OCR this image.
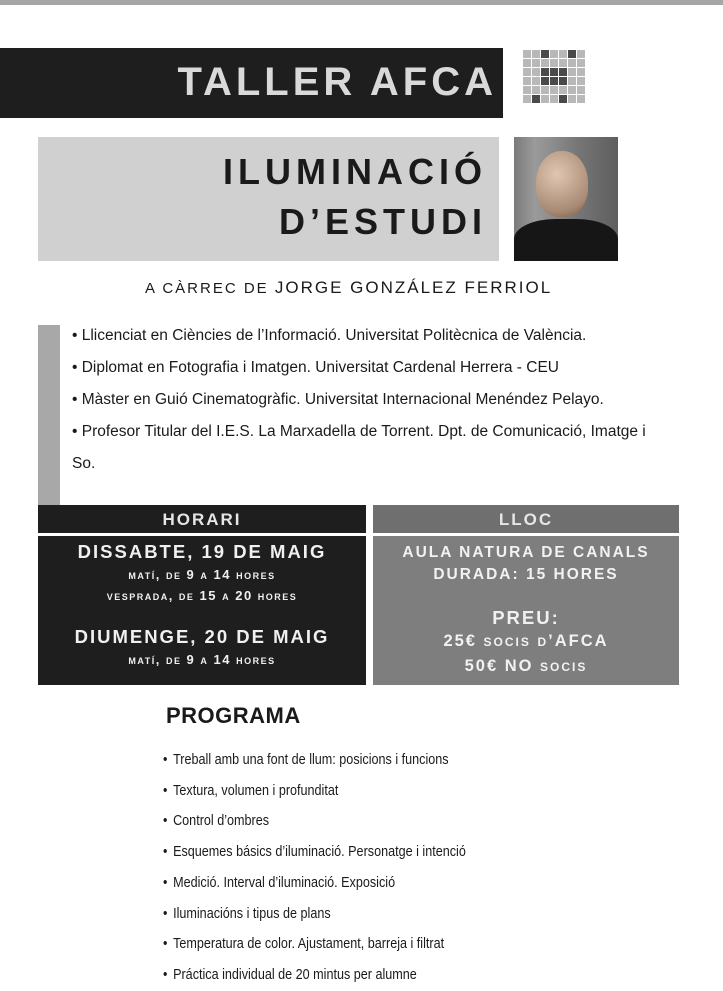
TALLER AFCA
ILUMINACIÓ
D’ESTUDI
A CÀRREC DE JORGE GONZÁLEZ FERRIOL
• Llicenciat en Ciències de l’Informació. Universitat Politècnica de València.
• Diplomat en Fotografia i Imatgen. Universitat Cardenal Herrera - CEU
• Màster en Guió Cinematogràfic. Universitat Internacional Menéndez Pelayo.
• Profesor Titular del I.E.S. La Marxadella de Torrent. Dpt. de Comunicació, Imatge i So.
HORARI
DISSABTE, 19 DE MAIG
matí, de 9 a 14 hores
vesprada, de 15 a 20 hores
DIUMENGE, 20 DE MAIG
matí, de 9 a 14 hores
LLOC
AULA NATURA DE CANALS
DURADA: 15 HORES
PREU:
25€ socis d’AFCA
50€ NO socis
PROGRAMA
• Treball amb una font de llum: posicions i funcions
• Textura, volumen i profunditat
• Control d’ombres
• Esquemes básics d’iluminació. Personatge i intenció
• Medició. Interval d’iluminació. Exposició
• Iluminacións i tipus de plans
• Temperatura de color. Ajustament, barreja i filtrat
• Práctica individual de 20 mintus per alumne
